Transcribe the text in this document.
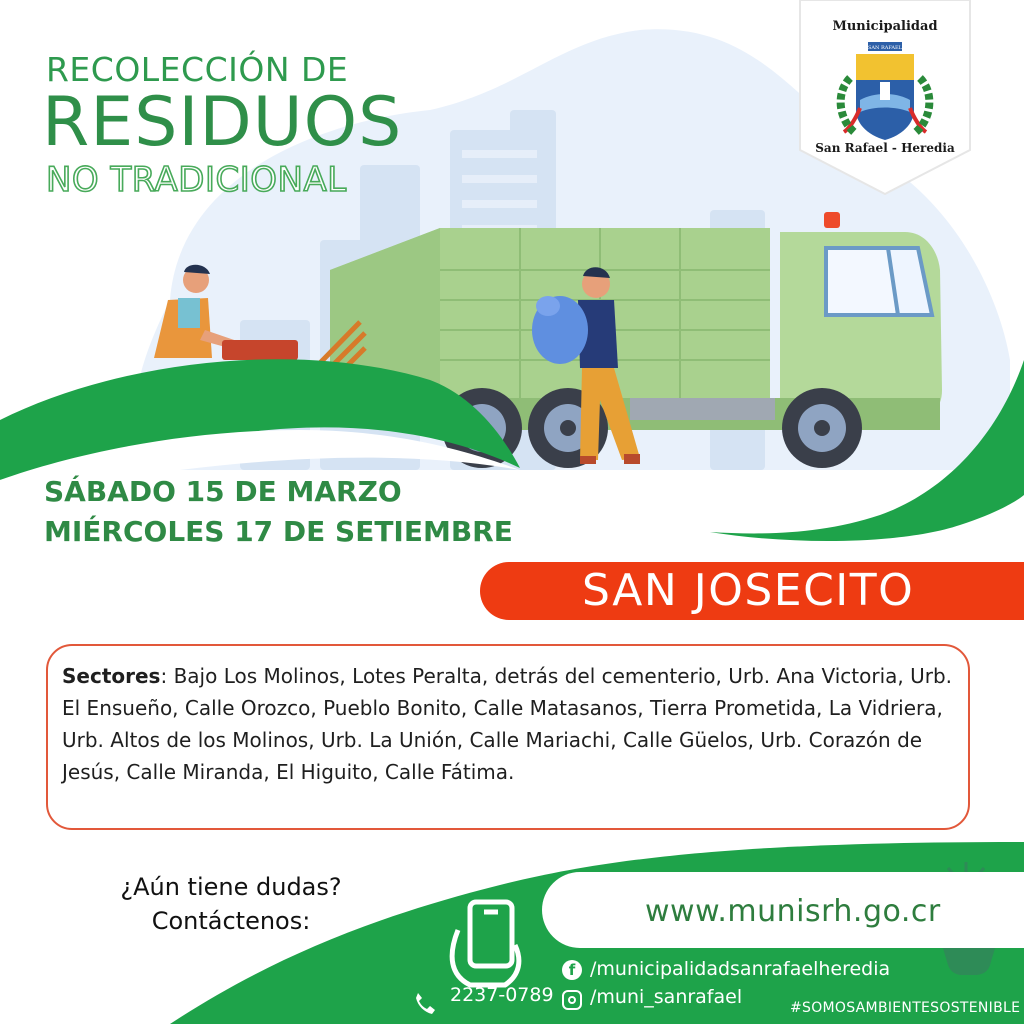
SAN RAFAEL
Municipalidad
San Rafael - Heredia
RECOLECCIÓN DE
RESIDUOS
NO TRADICIONAL
SÁBADO 15 DE MARZO
MIÉRCOLES 17 DE SETIEMBRE
SAN JOSECITO
Sectores: Bajo Los Molinos, Lotes Peralta, detrás del cementerio, Urb. Ana Victoria, Urb. El Ensueño, Calle Orozco, Pueblo Bonito, Calle Matasanos, Tierra Prometida, La Vidriera, Urb. Altos de los Molinos, Urb. La Unión, Calle Mariachi, Calle Güelos, Urb. Corazón de Jesús, Calle Miranda, El Higuito, Calle Fátima.
¿Aún tiene dudas?
Contáctenos:	www.munisrh.go.cr
f /municipalidadsanrafaelheredia
/muni_sanrafael
2237-0789
#SOMOSAMBIENTESOSTENIBLE
